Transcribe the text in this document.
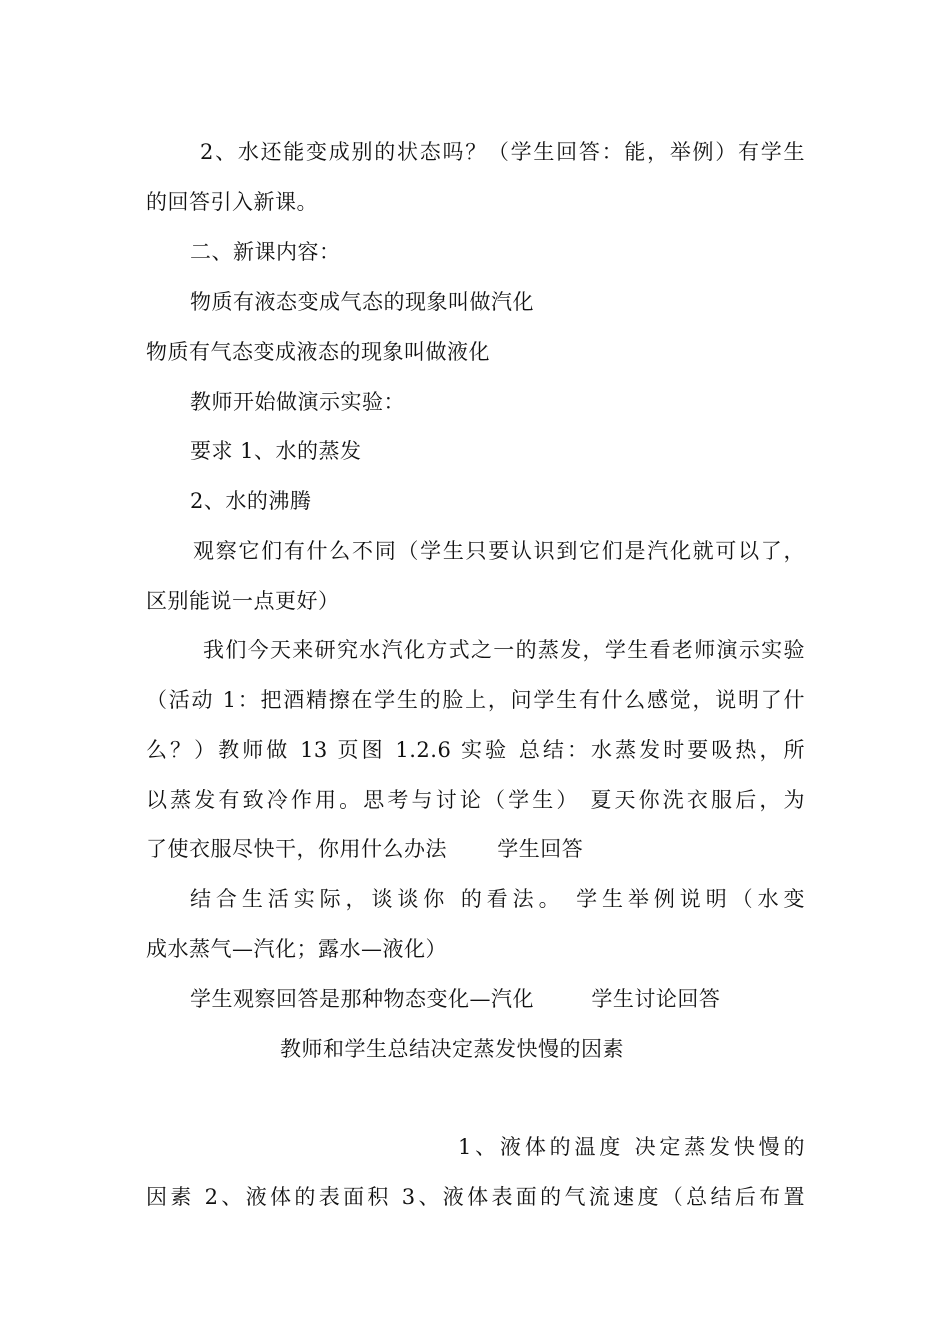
2、水还能变成别的状态吗？（学生回答：能，举例）有学生
的回答引入新课。
二、新课内容：
物质有液态变成气态的现象叫做汽化
物质有气态变成液态的现象叫做液化
教师开始做演示实验：
要求 1、水的蒸发
2、水的沸腾
观察它们有什么不同（学生只要认识到它们是汽化就可以了，
区别能说一点更好）
我们今天来研究水汽化方式之一的蒸发，学生看老师演示实验
（活动 1：把酒精擦在学生的脸上，问学生有什么感觉，说明了什
么？）教师做 13 页图 1.2.6 实验 总结：水蒸发时要吸热，所
以蒸发有致冷作用。思考与讨论（学生） 夏天你洗衣服后，为
了使衣服尽快干，你用什么办法       学生回答
结合生活实际，谈谈你 的看法。 学生举例说明（水变
成水蒸气—汽化；露水—液化）
学生观察回答是那种物态变化—汽化        学生讨论回答
教师和学生总结决定蒸发快慢的因素
1、液体的温度 决定蒸发快慢的
因素 2、液体的表面积 3、液体表面的气流速度（总结后布置
